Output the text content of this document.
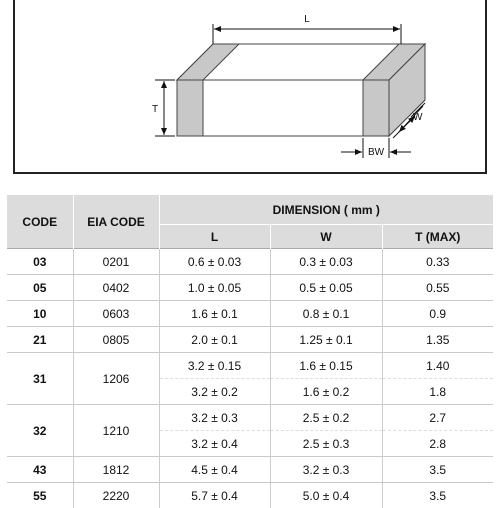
L
T
W
BW
CODE	EIA CODE	DIMENSION ( mm )		
		L	W	T (MAX)
03	0201	0.6 ± 0.03	0.3 ± 0.03	0.33
05	0402	1.0 ± 0.05	0.5 ± 0.05	0.55
10	0603	1.6 ± 0.1	0.8 ± 0.1	0.9
21	0805	2.0 ± 0.1	1.25 ± 0.1	1.35
31	1206	3.2 ± 0.15	1.6 ± 0.15	1.40
		3.2 ± 0.2	1.6 ± 0.2	1.8
32	1210	3.2 ± 0.3	2.5 ± 0.2	2.7
		3.2 ± 0.4	2.5 ± 0.3	2.8
43	1812	4.5 ± 0.4	3.2 ± 0.3	3.5
55	2220	5.7 ± 0.4	5.0 ± 0.4	3.5
